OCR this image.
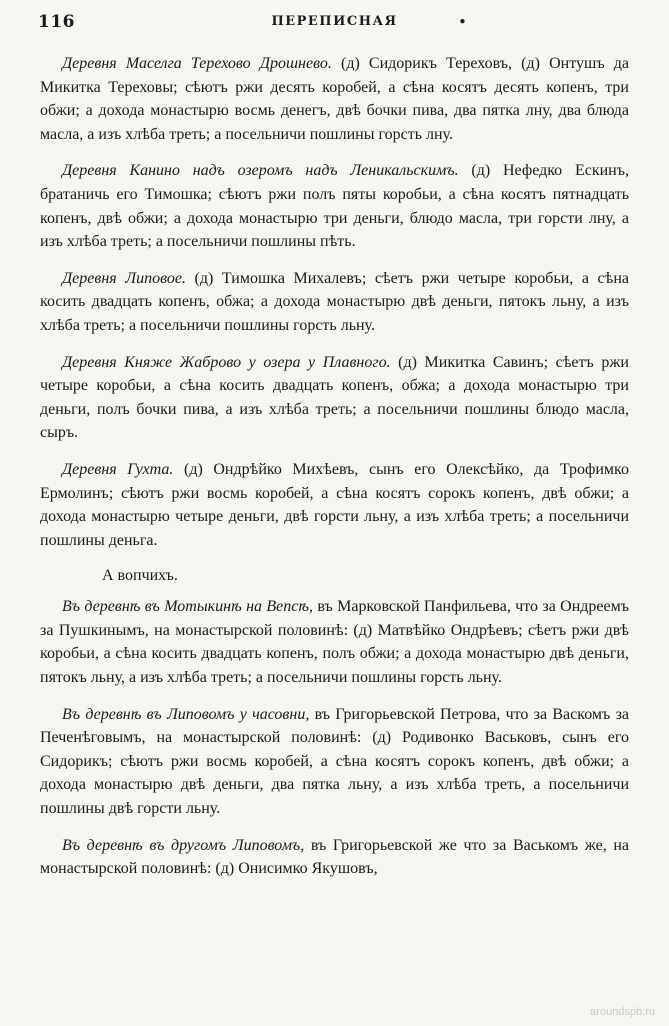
116	ПЕРЕПИСНАЯ	•

Деревня Маселга Терехово Дрошнево. (д) Сидорикъ Тереховъ, (д) Онтушъ да Микитка Тереховы; сѣютъ ржи десять коробей, а сѣна косятъ десять копенъ, три обжи; а дохода монастырю восмь денегъ, двѣ бочки пива, два пятка лну, два блюда масла, а изъ хлѣба треть; а посельничи пошлины горсть лну.

Деревня Канино надъ озеромъ надъ Леникальскимъ. (д) Нефедко Ескинъ, братаничь его Тимошка; сѣютъ ржи полъ пяты коробьи, а сѣна косятъ пятнадцать копенъ, двѣ обжи; а дохода монастырю три деньги, блюдо масла, три горсти лну, а изъ хлѣба треть; а посельничи пошлины пѣть.

Деревня Липовое. (д) Тимошка Михалевъ; сѣетъ ржи четыре коробьи, а сѣна косить двадцать копенъ, обжа; а дохода монастырю двѣ деньги, пятокъ льну, а изъ хлѣба треть; а посельничи пошлины горсть льну.

Деревня Княже Жаброво у озера у Плавного. (д) Микитка Савинъ; сѣетъ ржи четыре коробьи, а сѣна косить двадцать копенъ, обжа; а дохода монастырю три деньги, полъ бочки пива, а изъ хлѣба треть; а посельничи пошлины блюдо масла, сыръ.

Деревня Гухта. (д) Ондрѣйко Михѣевъ, сынъ его Олексѣйко, да Трофимко Ермолинъ; сѣютъ ржи восмь коробей, а сѣна косятъ сорокъ копенъ, двѣ обжи; а дохода монастырю четыре деньги, двѣ горсти льну, а изъ хлѣба треть; а посельничи пошлины деньга.

А вопчихъ.

Въ деревнѣ въ Мотыкинѣ на Вепсѣ, въ Марковской Панфильева, что за Ондреемъ за Пушкинымъ, на монастырской половинѣ: (д) Матвѣйко Ондрѣевъ; сѣетъ ржи двѣ коробьи, а сѣна косить двадцать копенъ, полъ обжи; а дохода монастырю двѣ деньги, пятокъ льну, а изъ хлѣба треть; а посельничи пошлины горсть льну.

Въ деревнѣ въ Липовомъ у часовни, въ Григорьевской Петрова, что за Васкомъ за Печенѣговымъ, на монастырской половинѣ: (д) Родивонко Васьковъ, сынъ его Сидорикъ; сѣютъ ржи восмь коробей, а сѣна косятъ сорокъ копенъ, двѣ обжи; а дохода монастырю двѣ деньги, два пятка льну, а изъ хлѣба треть, а посельничи пошлины двѣ горсти льну.

Въ деревнѣ въ другомъ Липовомъ, въ Григорьевской же что за Васькомъ же, на монастырской половинѣ: (д) Онисимко Якушовъ,

aroundspb.ru
